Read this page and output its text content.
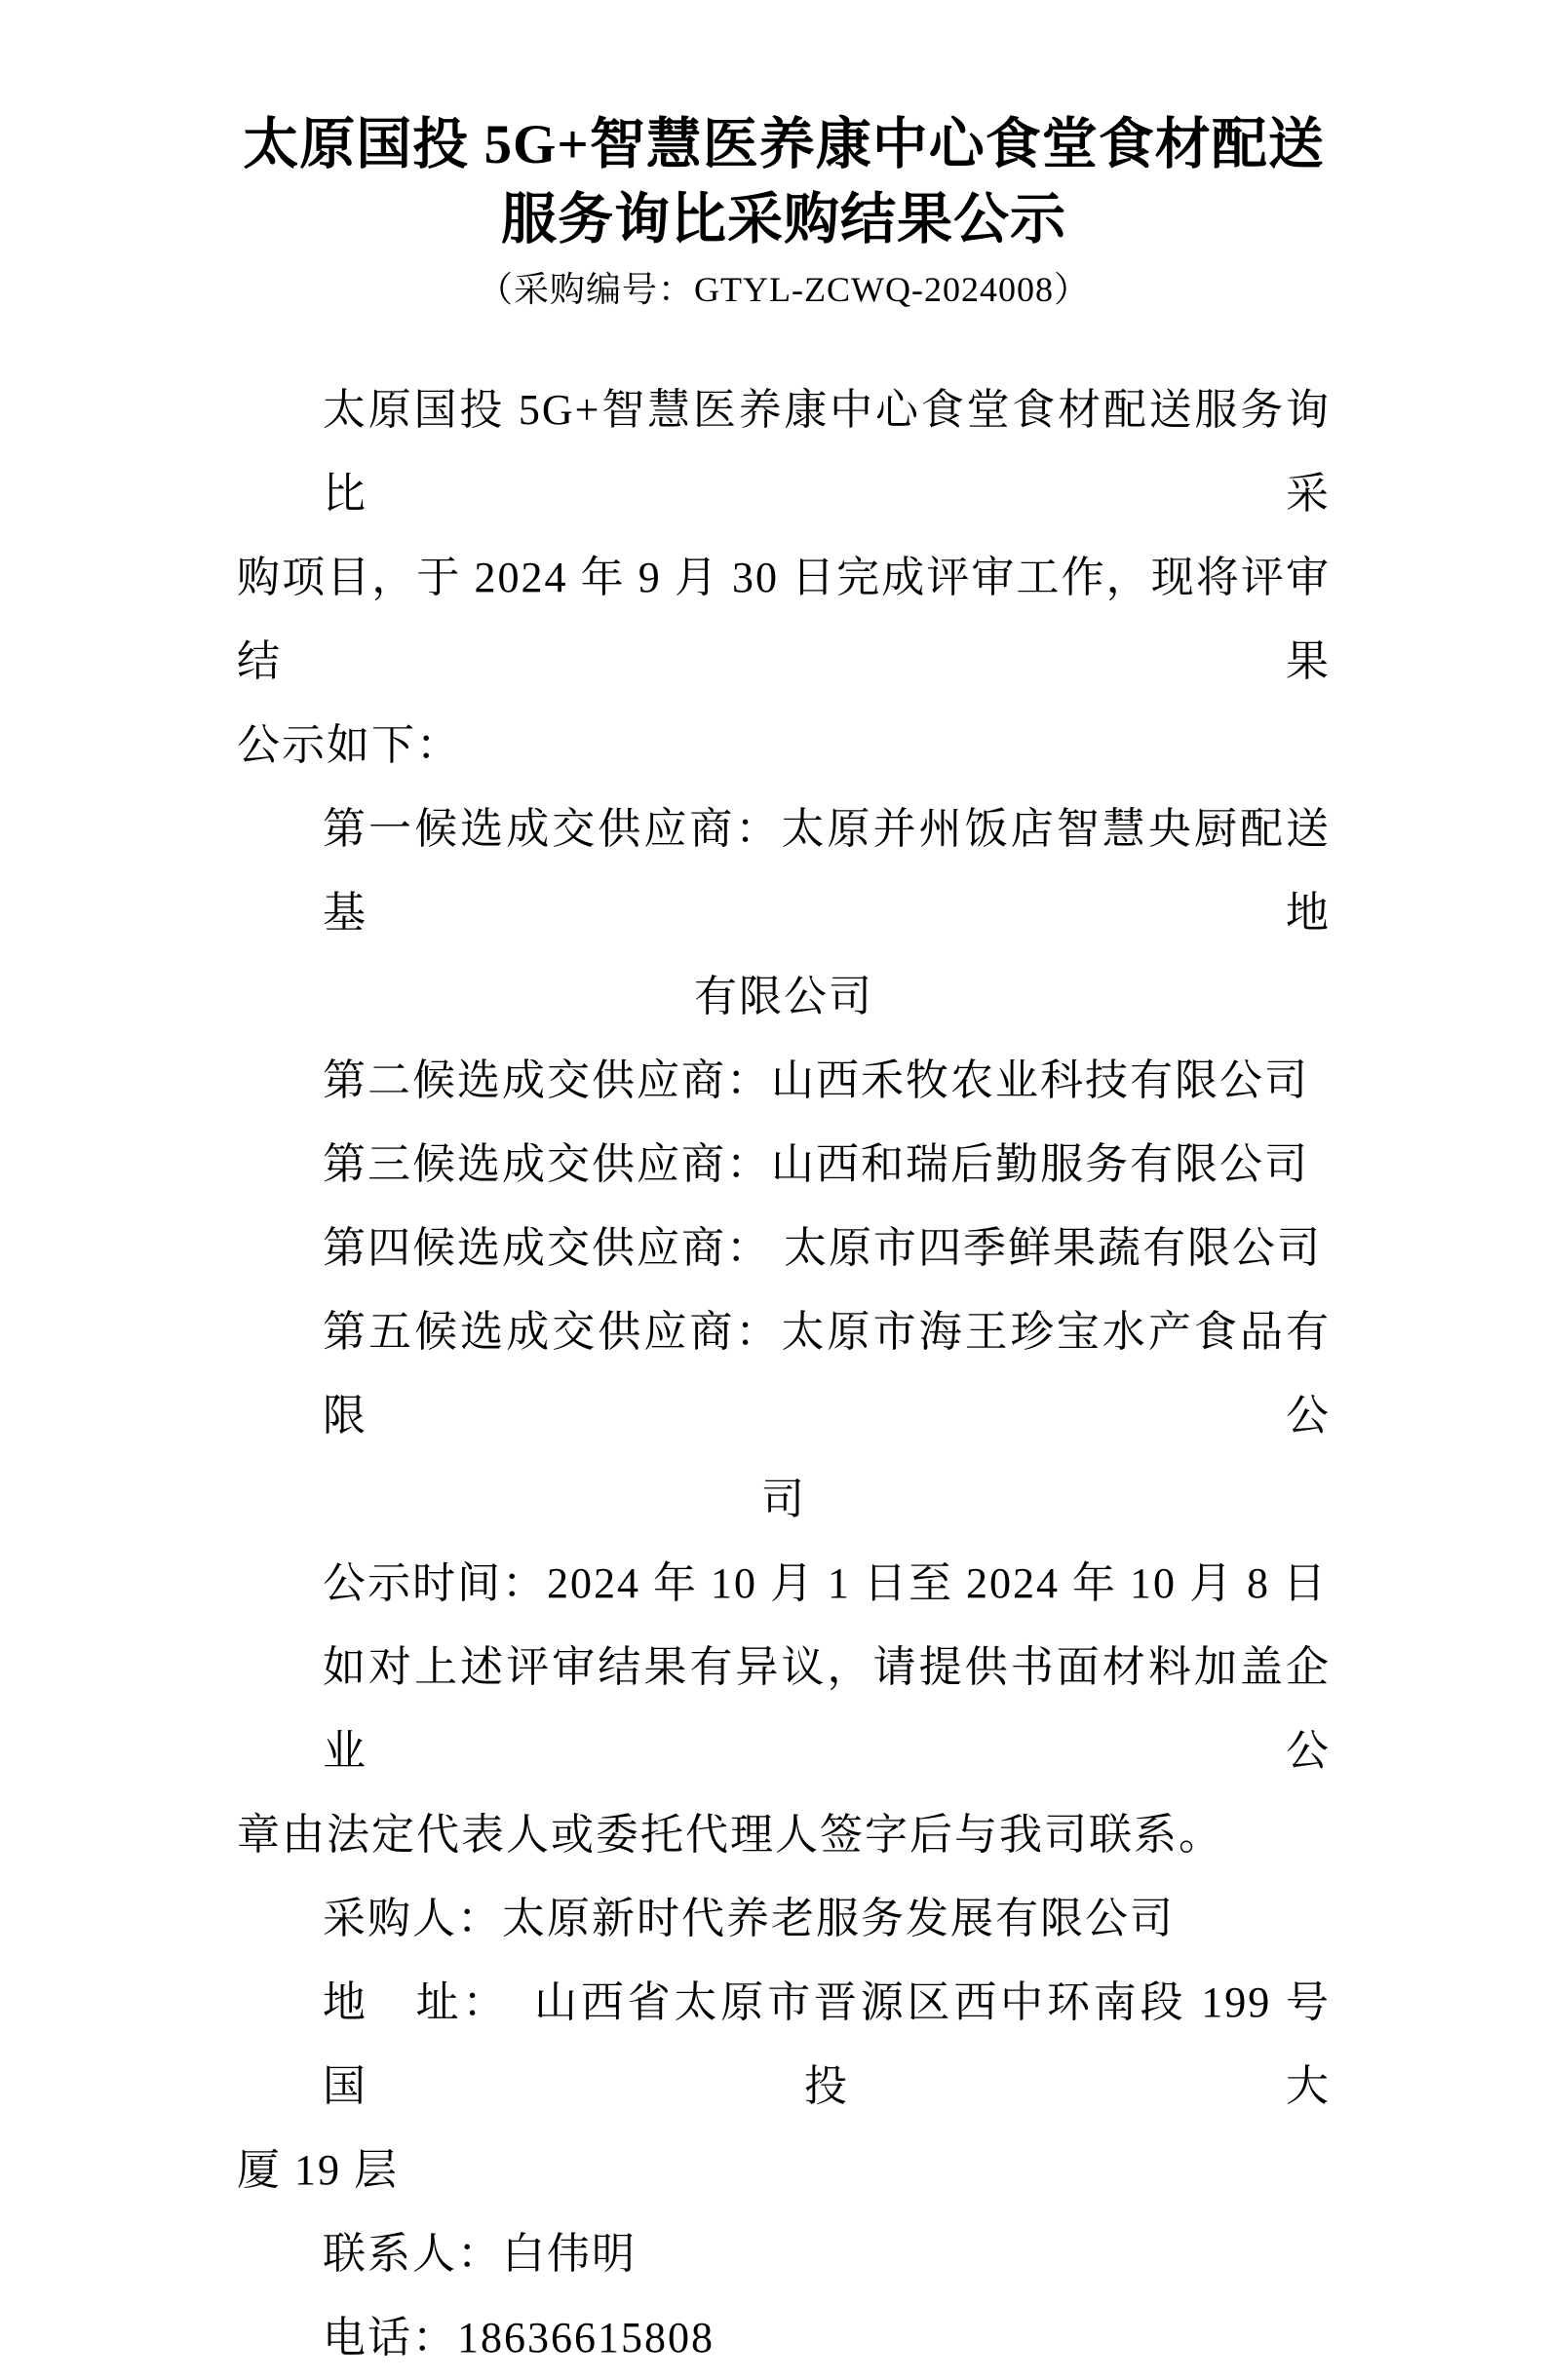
太原国投 5G+智慧医养康中心食堂食材配送
服务询比采购结果公示
（采购编号：GTYL-ZCWQ-2024008）
太原国投 5G+智慧医养康中心食堂食材配送服务询比采
购项目，于 2024 年 9 月 30 日完成评审工作，现将评审结果
公示如下：
第一候选成交供应商：太原并州饭店智慧央厨配送基地
有限公司
第二候选成交供应商：山西禾牧农业科技有限公司
第三候选成交供应商：山西和瑞后勤服务有限公司
第四候选成交供应商： 太原市四季鲜果蔬有限公司
第五候选成交供应商：太原市海王珍宝水产食品有限公
司
公示时间：2024 年 10 月 1 日至 2024 年 10 月 8 日
如对上述评审结果有异议，请提供书面材料加盖企业公
章由法定代表人或委托代理人签字后与我司联系。
采购人：太原新时代养老服务发展有限公司
地　址：　山西省太原市晋源区西中环南段 199 号国投大
厦 19 层
联系人：白伟明
电话：18636615808
